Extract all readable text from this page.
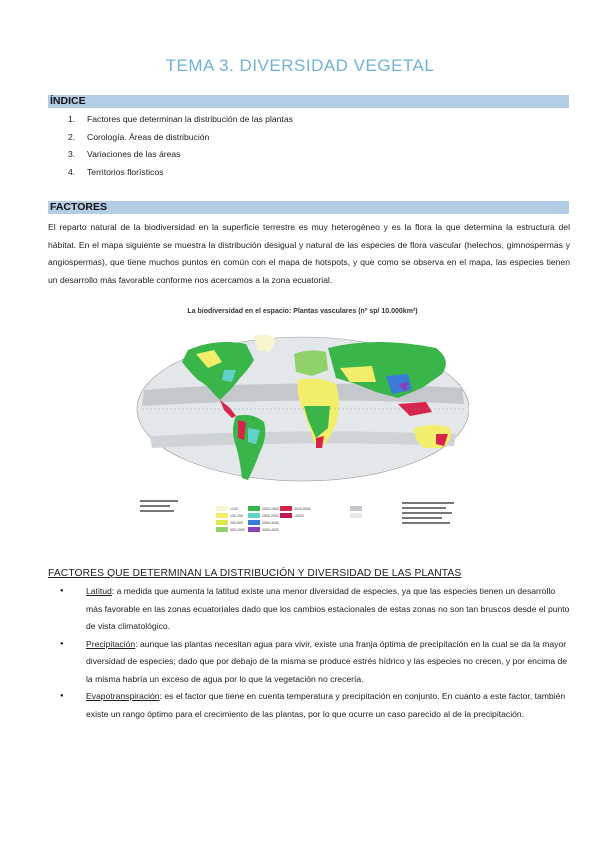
TEMA 3. DIVERSIDAD VEGETAL
ÍNDICE
1. Factores que determinan la distribución de las plantas
2. Corología. Áreas de distribución
3. Variaciones de las áreas
4. Territorios florísticos
FACTORES

El reparto natural de la biodiversidad en la superficie terrestre es muy heterogéneo y es la flora la que determina la estructura del hábitat. En el mapa siguiente se muestra la distribución desigual y natural de las especies de flora vascular (helechos, gimnospermas y angiospermas), que tiene muchos puntos en común con el mapa de hotspots, y que como se observa en el mapa, las especies tienen un desarrollo más favorable conforme nos acercamos a la zona ecuatorial.

La biodiversidad en el espacio: Plantas vasculares (nº sp/ 10.000km²)
<100
100-200
200-500
500-1000
1000-1500
1500-2000
2000-3000
3000-4000
4000-5000
>5000
FACTORES QUE DETERMINAN LA DISTRIBUCIÓN Y DIVERSIDAD DE LAS PLANTAS
● Latitud: a medida que aumenta la latitud existe una menor diversidad de especies, ya que las especies tienen un desarrollo más favorable en las zonas ecuatoriales dado que los cambios estacionales de estas zonas no son tan bruscos desde el punto de vista climatológico.
● Precipitación: aunque las plantas necesitan agua para vivir, existe una franja óptima de precipitación en la cual se da la mayor diversidad de especies; dado que por debajo de la misma se produce estrés hídrico y las especies no crecen, y por encima de la misma habría un exceso de agua por lo que la vegetación no crecería.
● Evapotranspiración: es el factor que tiene en cuenta temperatura y precipitación en conjunto. En cuanto a este factor, también existe un rango óptimo para el crecimiento de las plantas, por lo que ocurre un caso parecido al de la precipitación.
